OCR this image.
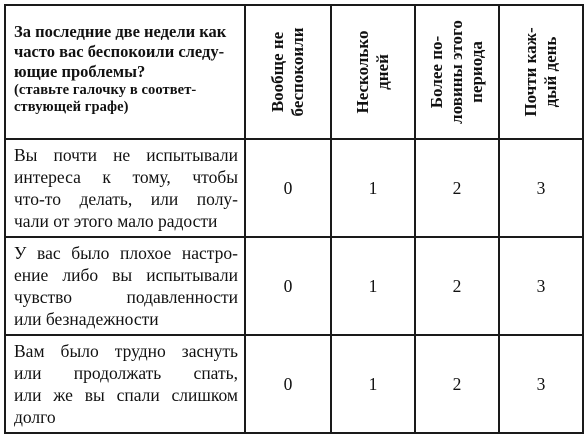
За последние две недели как
часто вас беспокоили следу-
ющие проблемы?
(ставьте галочку в соответ-
ствующей графе)	Вообще не беспокоили	Несколько дней	Более по- ловины этого периода	Почти каж- дый день

Вы почти не испытывали
интереса к тому, чтобы
что-то делать, или полу-
чали от этого мало радости	0	1	2	3

У вас было плохое настро-
ение либо вы испытывали
чувство подавленности
или безнадежности	0	1	2	3

Вам было трудно заснуть
или продолжать спать,
или же вы спали слишком
долго	0	1	2	3
